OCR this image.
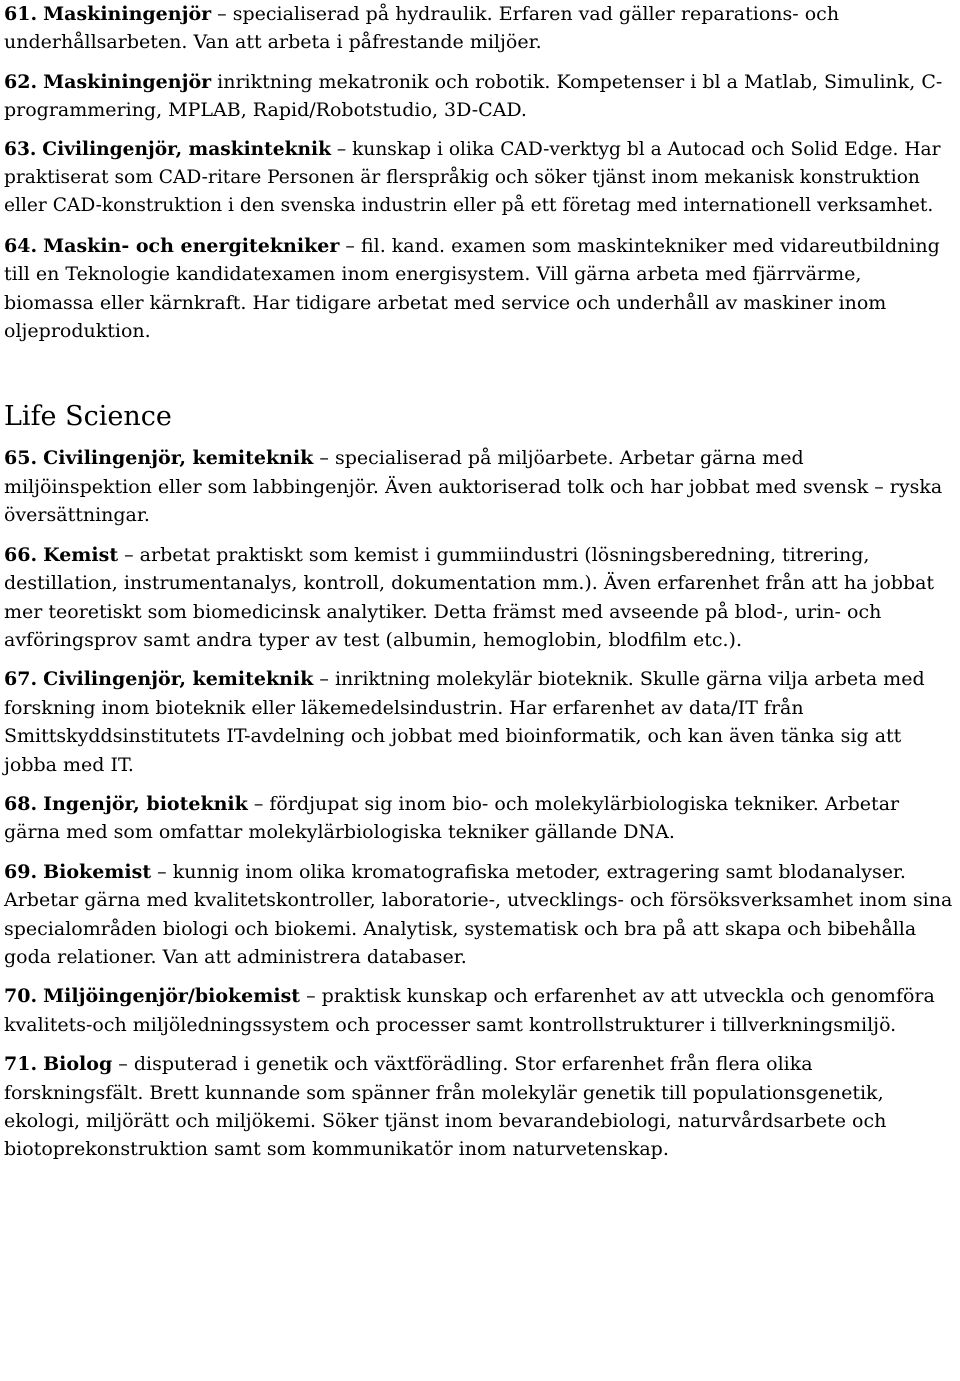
61. Maskiningenjör – specialiserad på hydraulik. Erfaren vad gäller reparations- och underhållsarbeten. Van att arbeta i påfrestande miljöer.

62. Maskiningenjör inriktning mekatronik och robotik. Kompetenser i bl a Matlab, Simulink, C-programmering, MPLAB, Rapid/Robotstudio, 3D-CAD.

63. Civilingenjör, maskinteknik – kunskap i olika CAD-verktyg bl a Autocad och Solid Edge. Har praktiserat som CAD-ritare Personen är flerspråkig och söker tjänst inom mekanisk konstruktion eller CAD-konstruktion i den svenska industrin eller på ett företag med internationell verksamhet.

64. Maskin- och energitekniker – fil. kand. examen som maskintekniker med vidareutbildning till en Teknologie kandidatexamen inom energisystem. Vill gärna arbeta med fjärrvärme, biomassa eller kärnkraft. Har tidigare arbetat med service och underhåll av maskiner inom oljeproduktion.

Life Science

65. Civilingenjör, kemiteknik – specialiserad på miljöarbete. Arbetar gärna med miljöinspektion eller som labbingenjör. Även auktoriserad tolk och har jobbat med svensk – ryska översättningar.

66. Kemist – arbetat praktiskt som kemist i gummiindustri (lösningsberedning, titrering, destillation, instrumentanalys, kontroll, dokumentation mm.). Även erfarenhet från att ha jobbat mer teoretiskt som biomedicinsk analytiker. Detta främst med avseende på blod-, urin- och avföringsprov samt andra typer av test (albumin, hemoglobin, blodfilm etc.).

67. Civilingenjör, kemiteknik – inriktning molekylär bioteknik. Skulle gärna vilja arbeta med forskning inom bioteknik eller läkemedelsindustrin. Har erfarenhet av data/IT från Smittskyddsinstitutets IT-avdelning och jobbat med bioinformatik, och kan även tänka sig att jobba med IT.

68. Ingenjör, bioteknik – fördjupat sig inom bio- och molekylärbiologiska tekniker. Arbetar gärna med som omfattar molekylärbiologiska tekniker gällande DNA.

69. Biokemist – kunnig inom olika kromatografiska metoder, extragering samt blodanalyser. Arbetar gärna med kvalitetskontroller, laboratorie-, utvecklings- och försöksverksamhet inom sina specialområden biologi och biokemi. Analytisk, systematisk och bra på att skapa och bibehålla goda relationer. Van att administrera databaser.

70. Miljöingenjör/biokemist – praktisk kunskap och erfarenhet av att utveckla och genomföra kvalitets-och miljöledningssystem och processer samt kontrollstrukturer i tillverkningsmiljö.

71. Biolog – disputerad i genetik och växtförädling. Stor erfarenhet från flera olika forskningsfält. Brett kunnande som spänner från molekylär genetik till populationsgenetik, ekologi, miljörätt och miljökemi. Söker tjänst inom bevarandebiologi, naturvårdsarbete och biotoprekonstruktion samt som kommunikatör inom naturvetenskap.
